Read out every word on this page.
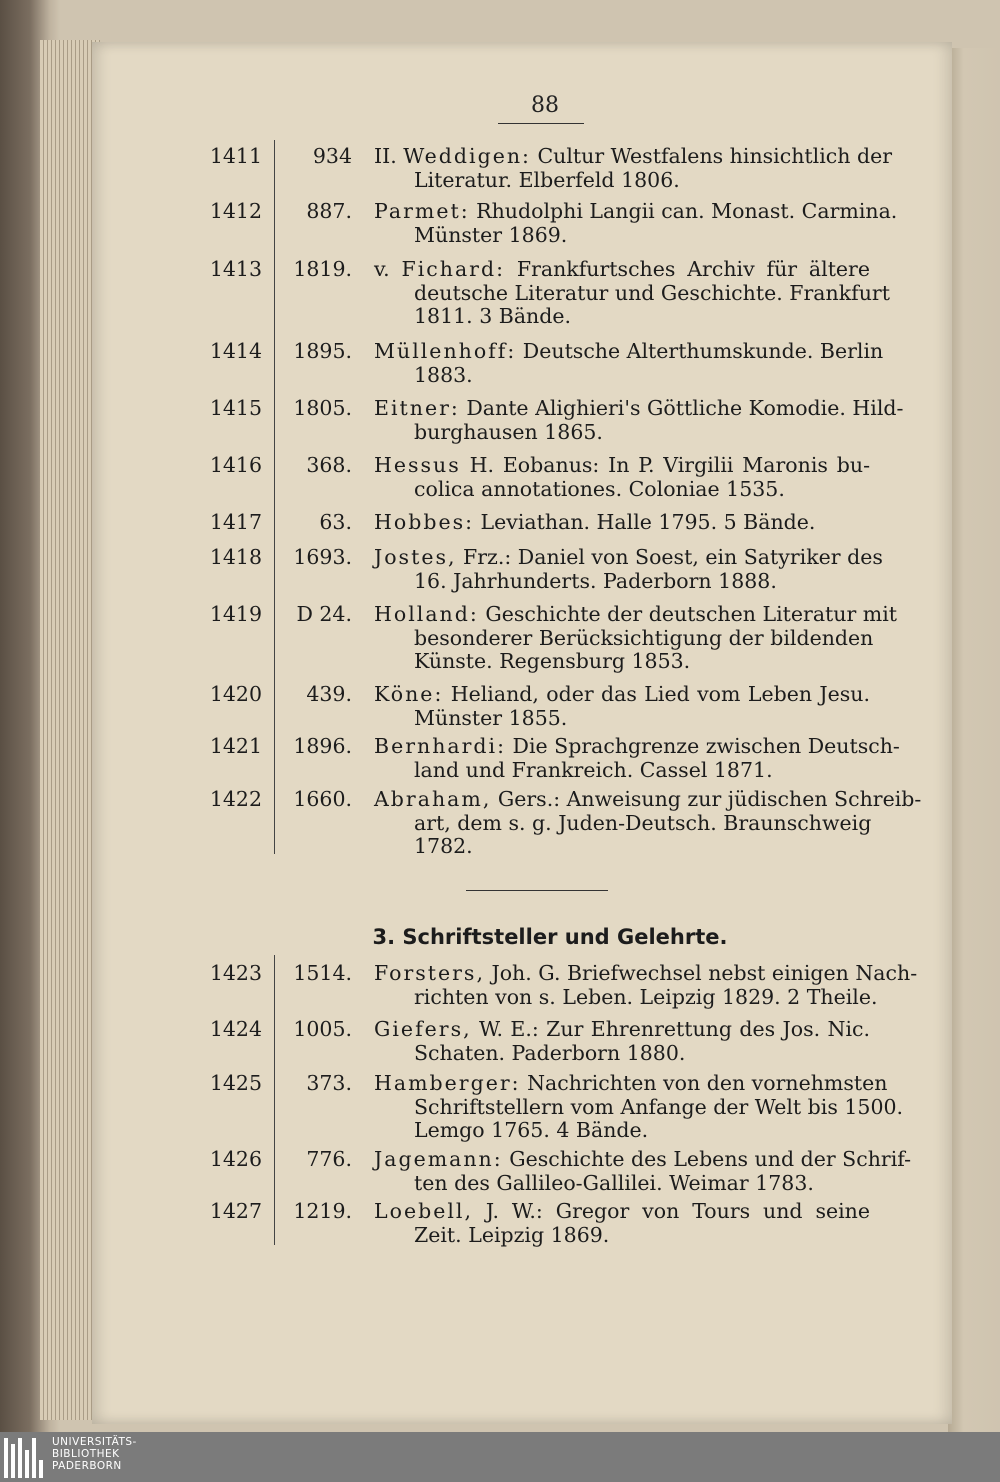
88
1411	934 II. Weddigen: Cultur Westfalens hinsichtlich der
Literatur. Elberfeld 1806.
1412	887. Parmet: Rhudolphi Langii can. Monast. Carmina.
Münster 1869.
1413	1819. v. Fichard: Frankfurtsches Archiv für ältere
deutsche Literatur und Geschichte. Frankfurt
1811. 3 Bände.
1414	1895. Müllenhoff: Deutsche Alterthumskunde. Berlin
1883.
1415	1805. Eitner: Dante Alighieri's Göttliche Komodie. Hild-
burghausen 1865.
1416	368. Hessus H. Eobanus: In P. Virgilii Maronis bu-
colica annotationes. Coloniae 1535.
1417	63. Hobbes: Leviathan. Halle 1795. 5 Bände.
1418	1693. Jostes, Frz.: Daniel von Soest, ein Satyriker des
16. Jahrhunderts. Paderborn 1888.
1419	D 24. Holland: Geschichte der deutschen Literatur mit
besonderer Berücksichtigung der bildenden
Künste. Regensburg 1853.
1420	439. Köne: Heliand, oder das Lied vom Leben Jesu.
Münster 1855.
1421	1896. Bernhardi: Die Sprachgrenze zwischen Deutsch-
land und Frankreich. Cassel 1871.
1422	1660. Abraham, Gers.: Anweisung zur jüdischen Schreib-
art, dem s. g. Juden-Deutsch. Braunschweig
1782.
3. Schriftsteller und Gelehrte.
1423	1514. Forsters, Joh. G. Briefwechsel nebst einigen Nach-
richten von s. Leben. Leipzig 1829. 2 Theile.
1424	1005. Giefers, W. E.: Zur Ehrenrettung des Jos. Nic.
Schaten. Paderborn 1880.
1425	373. Hamberger: Nachrichten von den vornehmsten
Schriftstellern vom Anfange der Welt bis 1500.
Lemgo 1765. 4 Bände.
1426	776. Jagemann: Geschichte des Lebens und der Schrif-
ten des Gallileo-Gallilei. Weimar 1783.
1427	1219. Loebell, J. W.: Gregor von Tours und seine
Zeit. Leipzig 1869.
UNIVERSITÄTS-
BIBLIOTHEK
PADERBORN
